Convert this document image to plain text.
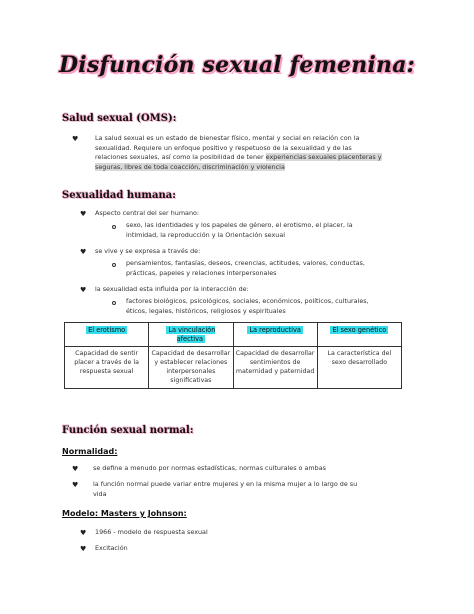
Disfunción sexual femenina:
Salud sexual (OMS):
♥	La salud sexual es un estado de bienestar físico, mental y social en relación con la
sexualidad. Requiere un enfoque positivo y respetuoso de la sexualidad y de las
relaciones sexuales, así como la posibilidad de tener experiencias sexuales placenteras y
seguras, libres de toda coacción, discriminación y violencia
Sexualidad humana:
♥ Aspecto central del ser humano:
sexo, las identidades y los papeles de género, el erotismo, el placer, la
intimidad, la reproducción y la Orientación sexual
♥ se vive y se expresa a través de:
pensamientos, fantasías, deseos, creencias, actitudes, valores, conductas,
prácticas, papeles y relaciones interpersonales
♥ la sexualidad esta influida por la interacción de:
factores biológicos, psicológicos, sociales, económicos, políticos, culturales,
éticos, legales, históricos, religiosos y espirituales
El erotismo	La vinculación afectiva	La reproductiva	El sexo genético
Capacidad de sentir placer a través de la respuesta sexual	Capacidad de desarrollar y establecer relaciones interpersonales significativas	Capacidad de desarrollar sentimientos de maternidad y paternidad	La característica del sexo desarrollado
Función sexual normal:
Normalidad:
♥ se define a menudo por normas estadísticas, normas culturales o ambas
♥ la función normal puede variar entre mujeres y en la misma mujer a lo largo de su
vida
Modelo: Masters y Johnson:
♥ 1966 - modelo de respuesta sexual
♥ Excitación
